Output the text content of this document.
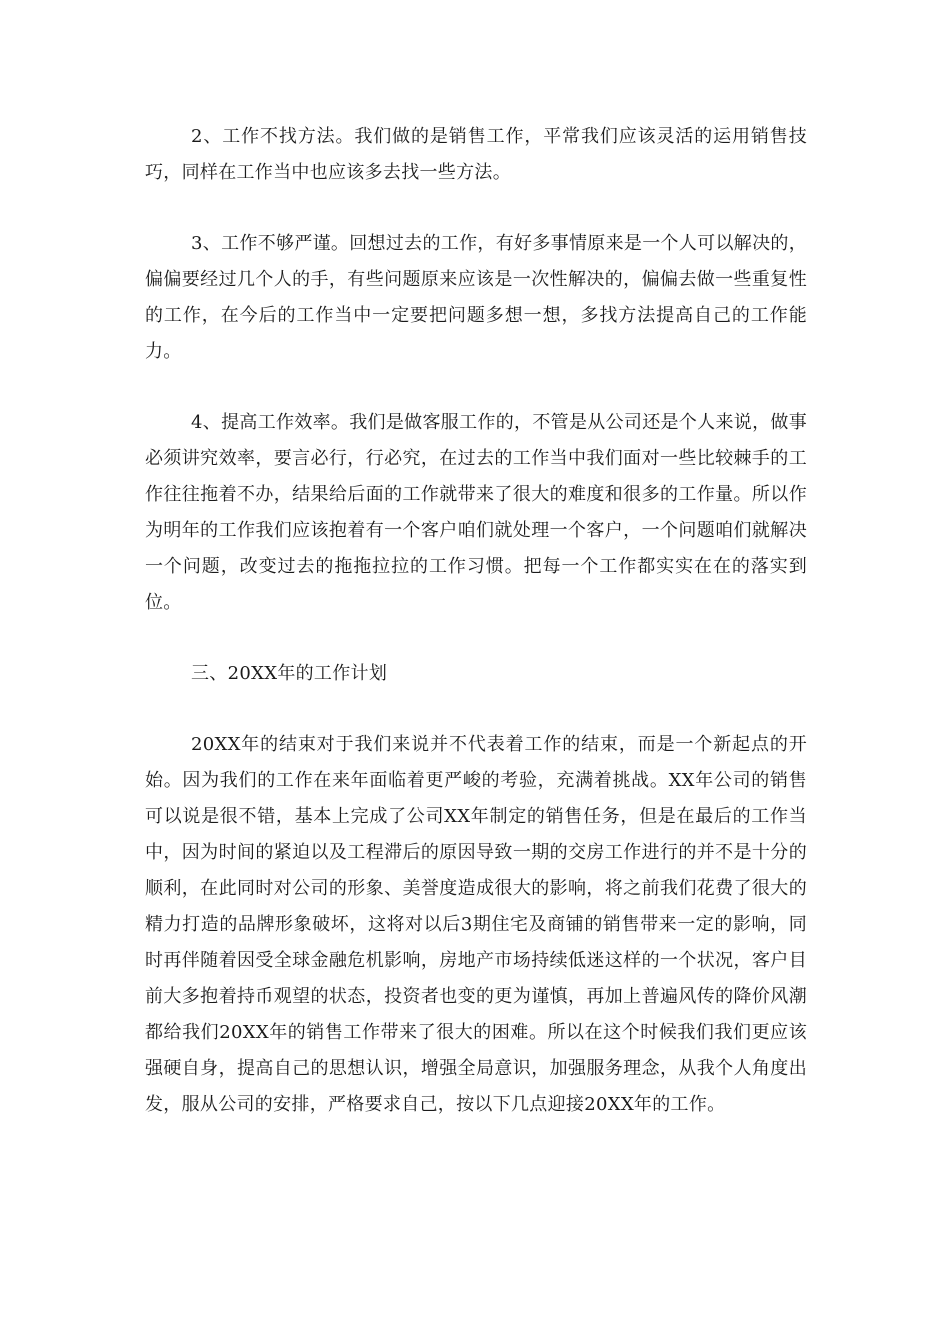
2、工作不找方法。我们做的是销售工作，平常我们应该灵活的运用销售技巧，同样在工作当中也应该多去找一些方法。

3、工作不够严谨。回想过去的工作，有好多事情原来是一个人可以解决的，偏偏要经过几个人的手，有些问题原来应该是一次性解决的，偏偏去做一些重复性的工作，在今后的工作当中一定要把问题多想一想，多找方法提高自己的工作能力。

4、提高工作效率。我们是做客服工作的，不管是从公司还是个人来说，做事必须讲究效率，要言必行，行必究，在过去的工作当中我们面对一些比较棘手的工作往往拖着不办，结果给后面的工作就带来了很大的难度和很多的工作量。所以作为明年的工作我们应该抱着有一个客户咱们就处理一个客户，一个问题咱们就解决一个问题，改变过去的拖拖拉拉的工作习惯。把每一个工作都实实在在的落实到位。

三、20XX年的工作计划

20XX年的结束对于我们来说并不代表着工作的结束，而是一个新起点的开始。因为我们的工作在来年面临着更严峻的考验，充满着挑战。XX年公司的销售可以说是很不错，基本上完成了公司XX年制定的销售任务，但是在最后的工作当中，因为时间的紧迫以及工程滞后的原因导致一期的交房工作进行的并不是十分的顺利，在此同时对公司的形象、美誉度造成很大的影响，将之前我们花费了很大的精力打造的品牌形象破坏，这将对以后3期住宅及商铺的销售带来一定的影响，同时再伴随着因受全球金融危机影响，房地产市场持续低迷这样的一个状况，客户目前大多抱着持币观望的状态，投资者也变的更为谨慎，再加上普遍风传的降价风潮都给我们20XX年的销售工作带来了很大的困难。所以在这个时候我们我们更应该强硬自身，提高自己的思想认识，增强全局意识，加强服务理念，从我个人角度出发，服从公司的安排，严格要求自己，按以下几点迎接20XX年的工作。
